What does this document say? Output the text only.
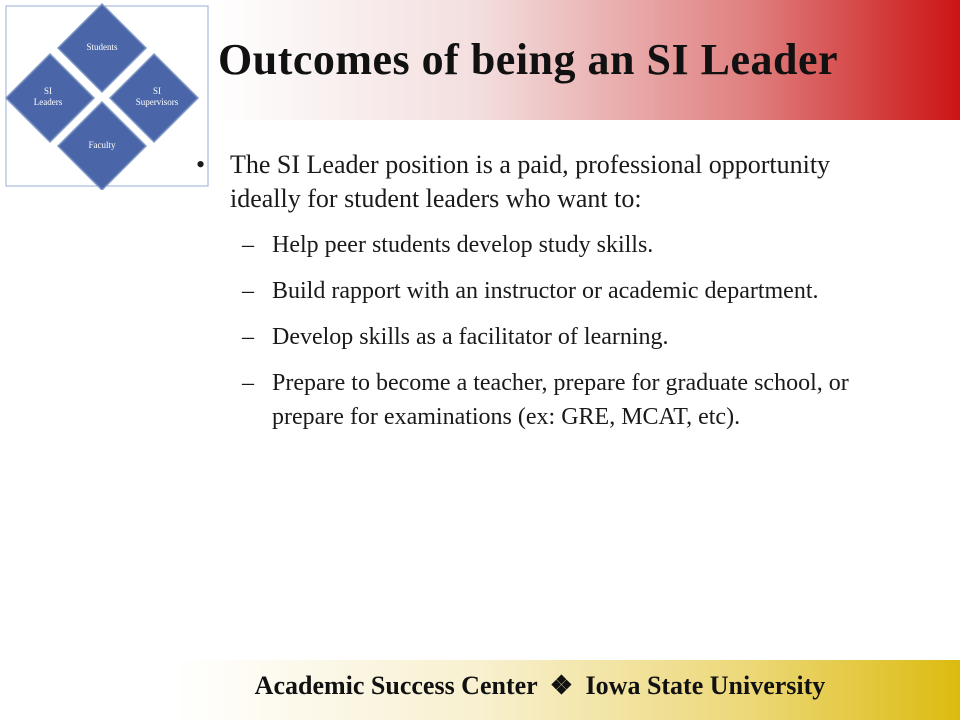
Students
SI
Leaders
SI
Supervisors
Faculty
Outcomes of being an SI Leader
• The SI Leader position is a paid, professional opportunity ideally for student leaders who want to:
– Help peer students develop study skills.
– Build rapport with an instructor or academic department.
– Develop skills as a facilitator of learning.
– Prepare to become a teacher, prepare for graduate school, or prepare for examinations (ex: GRE, MCAT, etc).
Academic Success Center ❖ Iowa State University
